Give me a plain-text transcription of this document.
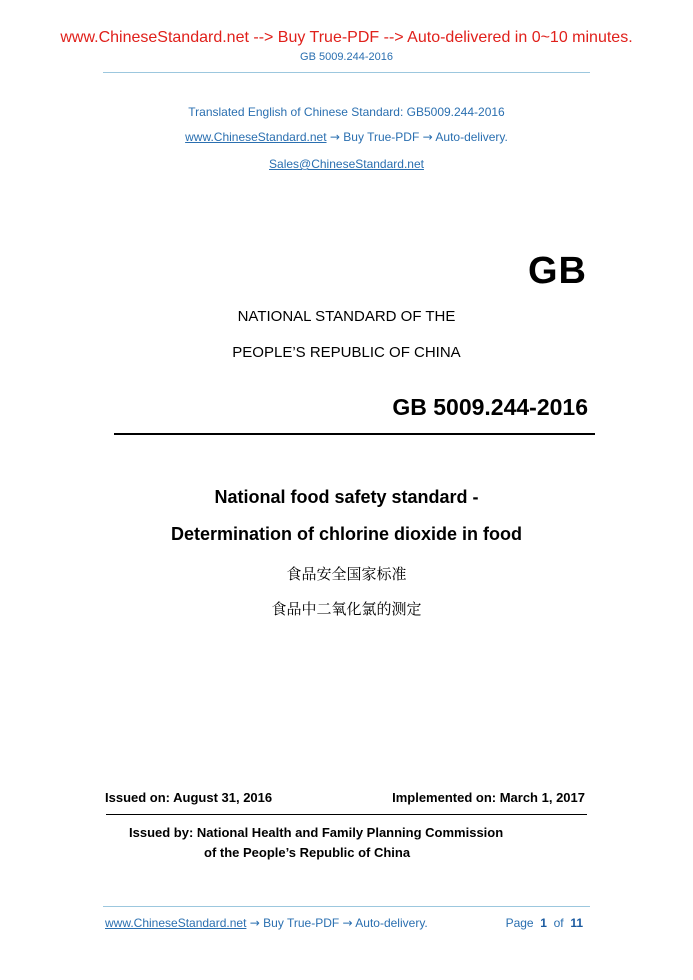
www.ChineseStandard.net --> Buy True-PDF --> Auto-delivered in 0~10 minutes.
GB 5009.244-2016
Translated English of Chinese Standard: GB5009.244-2016
www.ChineseStandard.net → Buy True-PDF → Auto-delivery.
Sales@ChineseStandard.net
GB
NATIONAL STANDARD OF THE
PEOPLE’S REPUBLIC OF CHINA
GB 5009.244-2016
National food safety standard -
Determination of chlorine dioxide in food
食品安全国家标准
食品中二氧化氯的测定
Issued on: August 31, 2016	Implemented on: March 1, 2017
Issued by: National Health and Family Planning Commission
of the People’s Republic of China
www.ChineseStandard.net → Buy True-PDF → Auto-delivery.	Page 1 of 11
